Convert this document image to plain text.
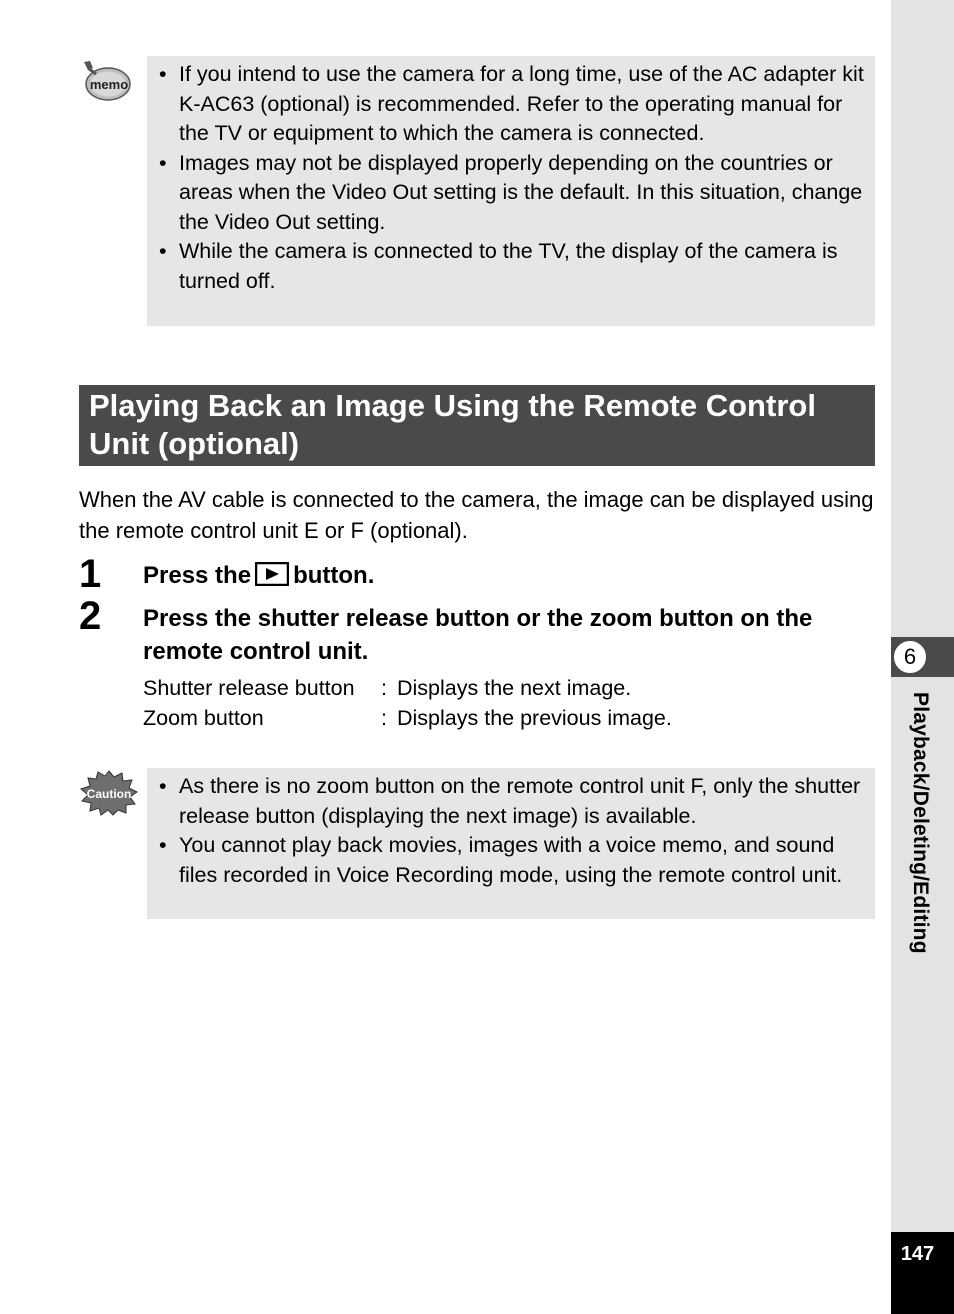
memo • If you intend to use the camera for a long time, use of the AC adapter kit K-AC63 (optional) is recommended. Refer to the operating manual for the TV or equipment to which the camera is connected.
• Images may not be displayed properly depending on the countries or areas when the Video Out setting is the default. In this situation, change the Video Out setting.
• While the camera is connected to the TV, the display of the camera is turned off.
Playing Back an Image Using the Remote Control Unit (optional)

When the AV cable is connected to the camera, the image can be displayed using the remote control unit E or F (optional).

1 Press the button.
2 Press the shutter release button or the zoom button on the remote control unit.
Shutter release button : Displays the next image.
Zoom button	: Displays the previous image.
Caution • As there is no zoom button on the remote control unit F, only the shutter release button (displaying the next image) is available.
• You cannot play back movies, images with a voice memo, and sound files recorded in Voice Recording mode, using the remote control unit.
6
Playback/Deleting/Editing
147
